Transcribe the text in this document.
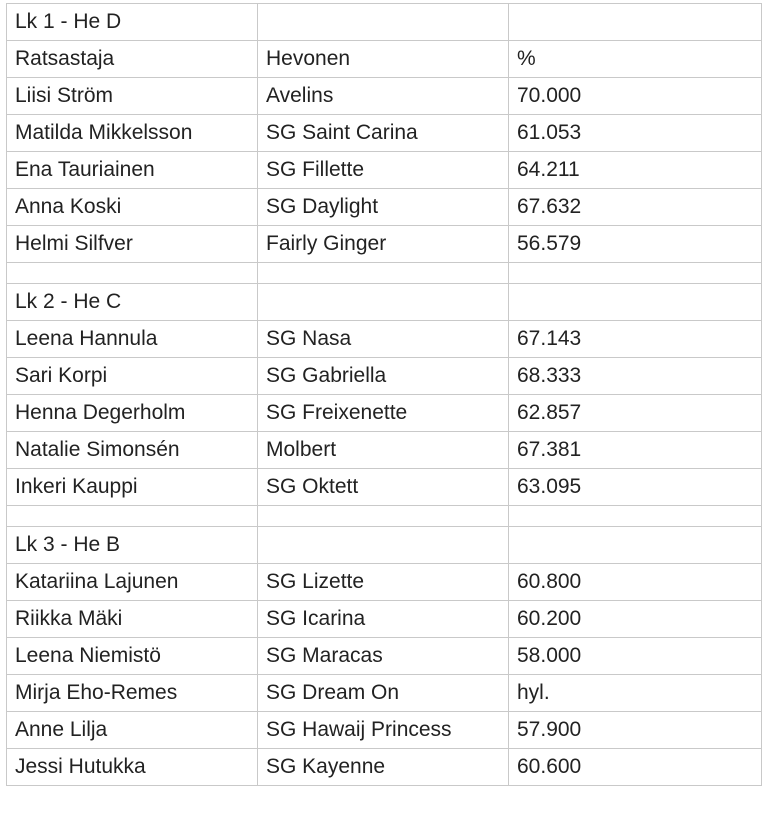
Lk 1 - He D		
Ratsastaja	Hevonen	%
Liisi Ström	Avelins	70.000
Matilda Mikkelsson	SG Saint Carina	61.053
Ena Tauriainen	SG Fillette	64.211
Anna Koski	SG Daylight	67.632
Helmi Silfver	Fairly Ginger	56.579

Lk 2 - He C		
Leena Hannula	SG Nasa	67.143
Sari Korpi	SG Gabriella	68.333
Henna Degerholm	SG Freixenette	62.857
Natalie Simonsén	Molbert	67.381
Inkeri Kauppi	SG Oktett	63.095

Lk 3 - He B		
Katariina Lajunen	SG Lizette	60.800
Riikka Mäki	SG Icarina	60.200
Leena Niemistö	SG Maracas	58.000
Mirja Eho-Remes	SG Dream On	hyl.
Anne Lilja	SG Hawaij Princess	57.900
Jessi Hutukka	SG Kayenne	60.600
